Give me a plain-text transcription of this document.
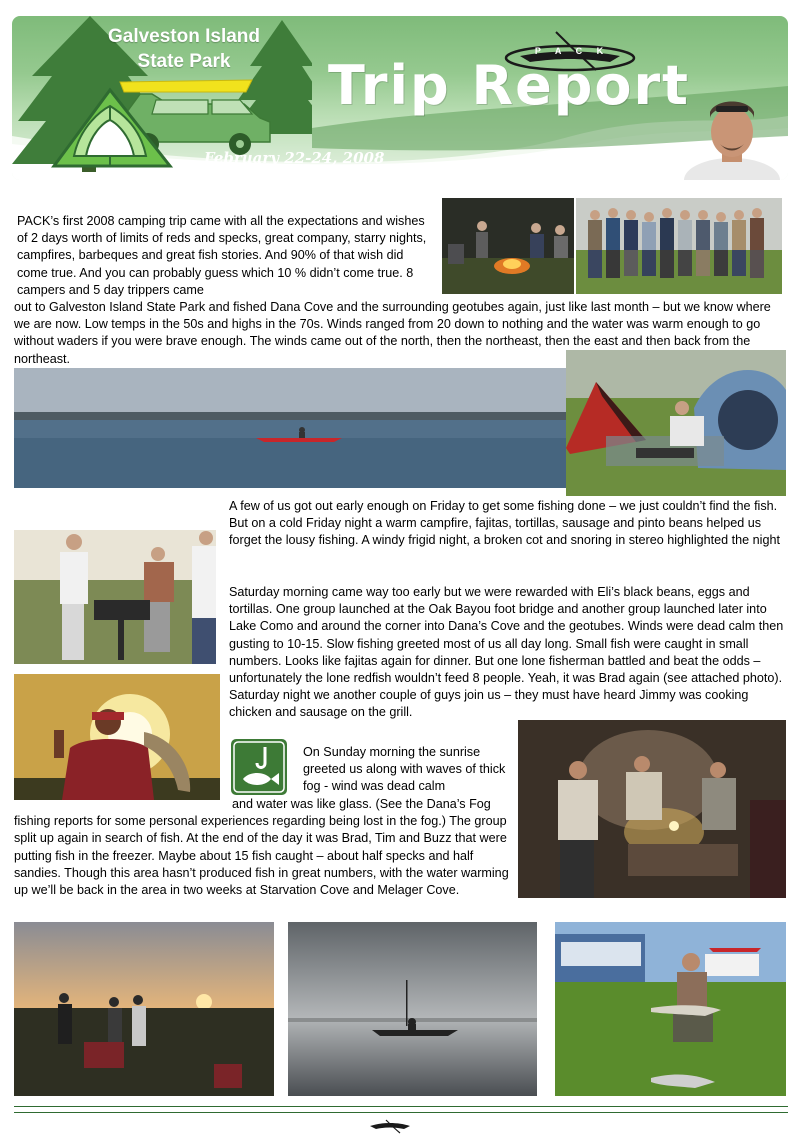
Galveston Island
State Park	P A C K
Trip Report
February 22-24, 2008	by Adrian Ramos

PACK’s first 2008 camping trip came with all the expectations and wishes of 2 days worth of limits of reds and specks, great company, starry nights, campfires, barbeques and great fish stories. And 90% of that wish did come true. And you can probably guess which 10 % didn’t come true. 8 campers and 5 day trippers came

out to Galveston Island State Park and fished Dana Cove and the surrounding geotubes again, just like last month – but we know where we are now. Low temps in the 50s and highs in the 70s. Winds ranged from 20 down to nothing and the water was warm enough to go without waders if you were brave enough. The winds came out of the north, then the northeast, then the east and then back from the northeast.

A few of us got out early enough on Friday to get some fishing done – we just couldn’t find the fish. But on a cold Friday night a warm campfire, fajitas, tortillas, sausage and pinto beans helped us forget the lousy fishing. A windy frigid night, a broken cot and snoring in stereo highlighted the night

Saturday morning came way too early but we were rewarded with Eli’s black beans, eggs and tortillas. One group launched at the Oak Bayou foot bridge and another group launched later into Lake Como and around the corner into Dana’s Cove and the geotubes. Winds were dead calm then gusting to 10-15. Slow fishing greeted most of us all day long. Small fish were caught in small numbers. Looks like fajitas again for dinner. But one lone fisherman battled and beat the odds – unfortunately the lone redfish wouldn’t feed 8 people. Yeah, it was Brad again (see attached photo). Saturday night we another couple of guys join us – they must have heard Jimmy was cooking chicken and sausage on the grill.

On Sunday morning the sunrise greeted us along with waves of thick fog - wind was dead calm

and water was like glass. (See the Dana’s Fog fishing reports for some personal experiences regarding being lost in the fog.) The group split up again in search of fish. At the end of the day it was Brad, Tim and Buzz that were putting fish in the freezer. Maybe about 15 fish caught – about half specks and half sandies. Though this area hasn’t produced fish in great numbers, with the water warming up we’ll be back in the area in two weeks at Starvation Cove and Melager Cove.
